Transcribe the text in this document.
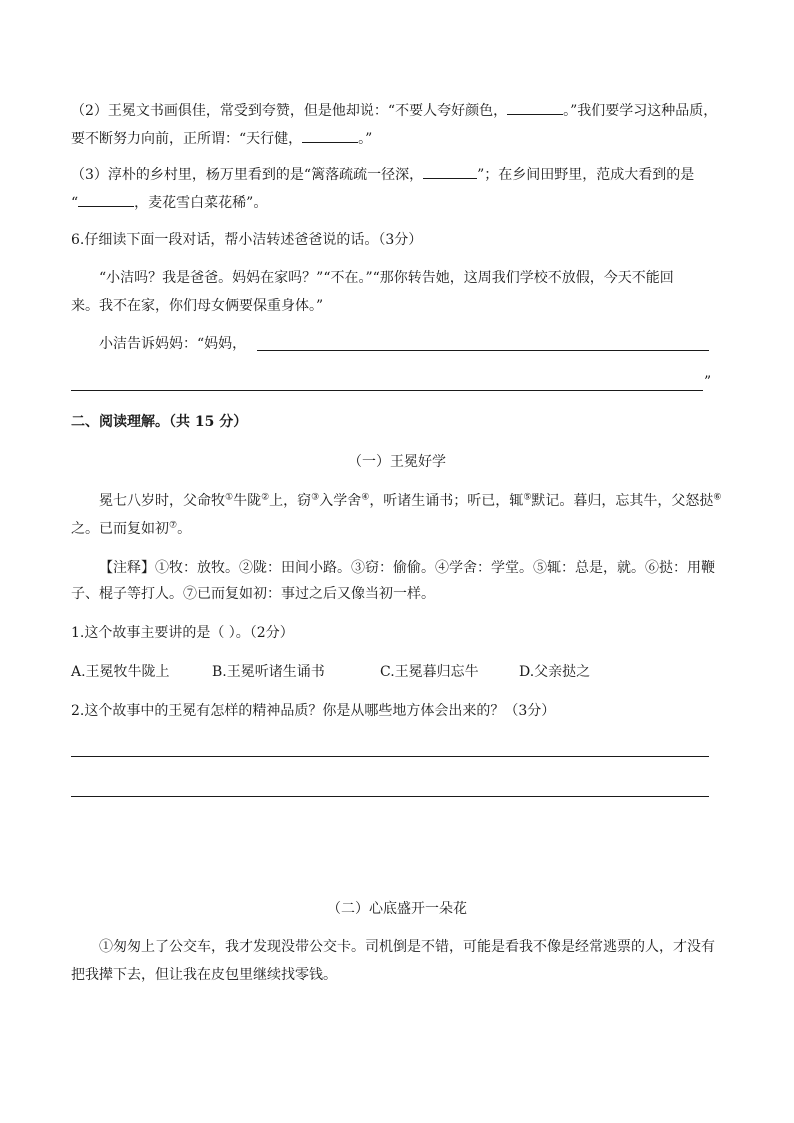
（2）王冕文书画俱佳，常受到夸赞，但是他却说：“不要人夸好颜色，	。”我们要学习这种品质，
要不断努力向前，正所谓：“天行健，	。”
（3）淳朴的乡村里，杨万里看到的是“篱落疏疏一径深，	”；在乡间田野里，范成大看到的是
“	，麦花雪白菜花稀”。
6.仔细读下面一段对话，帮小洁转述爸爸说的话。（3分）
“小洁吗？我是爸爸。妈妈在家吗？”“不在。”“那你转告她，这周我们学校不放假，今天不能回
来。我不在家，你们母女俩要保重身体。”
小洁告诉妈妈：“妈妈，
”
二、阅读理解。（共 15 分）
（一）王冕好学
冕七八岁时，父命牧①牛陇②上，窃③入学舍④，听诸生诵书；听已，辄⑤默记。暮归，忘其牛，父怒挞⑥
之。已而复如初⑦。
【注释】①牧：放牧。②陇：田间小路。③窃：偷偷。④学舍：学堂。⑤辄：总是，就。⑥挞：用鞭
子、棍子等打人。⑦已而复如初：事过之后又像当初一样。
1.这个故事主要讲的是（ ）。（2分）
A.王冕牧牛陇上	B.王冕听诸生诵书	C.王冕暮归忘牛	D.父亲挞之
2.这个故事中的王冕有怎样的精神品质？你是从哪些地方体会出来的？（3分）
（二）心底盛开一朵花
①匆匆上了公交车，我才发现没带公交卡。司机倒是不错，可能是看我不像是经常逃票的人，才没有
把我撵下去，但让我在皮包里继续找零钱。
